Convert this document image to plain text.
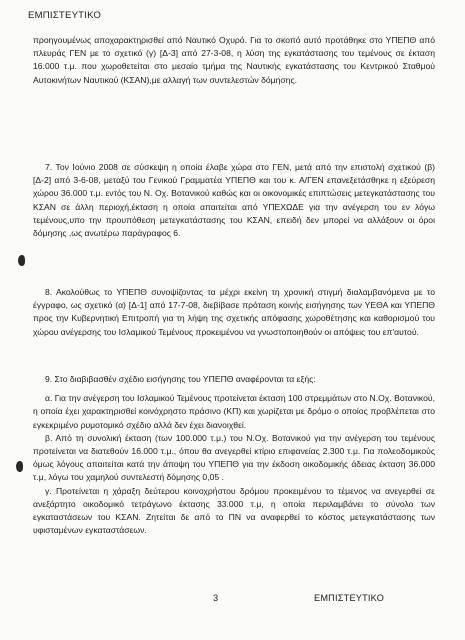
ΕΜΠΙΣΤΕΥΤΙΚΟ

προηγουμένως αποχαρακτηρισθεί από Ναυτικό Οχυρό. Για το σκοπό αυτό προτάθηκε στο ΥΠΕΠΘ από πλευράς ΓΕΝ με το σχετικό (γ) [Δ-3] από 27-3-08, η λύση της εγκατάστασης του τεμένους σε έκταση 16.000 τ.μ. που χωροθετείται στο μεσαίο τμήμα της Ναυτικής εγκατάστασης του Κεντρικού Σταθμού Αυτοκινήτων Ναυτικού (ΚΣΑΝ),με αλλαγή των συντελεστών δόμησης.

7. Τον Ιούνιο 2008 σε σύσκεψη η οποία έλαβε χώρα στο ΓΕΝ, μετά από την επιστολή σχετικού (β) [Δ-2] από 3-6-08, μεταξύ του Γενικού Γραμματέα ΥΠΕΠΘ και του κ. Α/ΓΕΝ επανεξετάσθηκε η εξεύρεση χώρου 36.000 τ.μ. εντός του Ν. Οχ. Βοτανικού καθώς και οι οικονομικές επιπτώσεις μετεγκατάστασης του ΚΣΑΝ σε άλλη περιοχή,έκταση η οποία απαιτείται από ΥΠΕΧΩΔΕ για την ανέγερση του εν λόγω τεμένους,υπο την προυπόθεση μετεγκατάστασης του ΚΣΑΝ, επειδή δεν μπορεί να αλλάξουν οι όροι δόμησης ,ως ανωτέρω παράγραφος 6.

8. Ακολούθως το ΥΠΕΠΘ συνοψίζοντας τα μέχρι εκείνη τη χρονική στιγμή διαλαμβανόμενα με το έγγραφο, ως σχετικό (α) [Δ-1] από 17-7-08, διεβίβασε πρόταση κοινής εισήγησης των ΥΕΘΑ και ΥΠΕΠΘ προς την Κυβερνητική Επιτροπή για τη λήψη της σχετικής απόφασης χωροθέτησης και καθορισμού του χώρου ανέγερσης του Ισλαμικού Τεμένους προκειμένου να γνωστοποιηθούν οι απόψεις του επ'αυτού.

9. Στο διαβιβασθέν σχέδιο εισήγησης του ΥΠΕΠΘ αναφέρονται τα εξής:

α. Για την ανέγερση του Ισλαμικού Τεμένους προτείνεται έκταση 100 στρεμμάτων στο Ν.Οχ. Βοτανικού, η οποία έχει χαρακτηρισθεί κοινόχρηστο πράσινο (ΚΠ) και χωρίζεται με δρόμο ο οποίος προβλέπεται στο εγκεκριμένο ρυμοτομικό σχέδιο αλλά δεν έχει διανοιχθεί.

β. Από τη συνολική έκταση (των 100.000 τ.μ.) του Ν.Οχ. Βοτανικού για την ανέγερση του τεμένους προτείνεται να διατεθούν 16.000 τ.μ., όπου θα ανεγερθεί κτίριο επιφανείας 2.300 τ.μ. Για πολεοδομικούς όμως λόγους απαιτείται κατά την άποψη του ΥΠΕΠΘ για την έκδοση οικοδομικής άδειας έκταση 36.000 τ.μ, λόγω του χαμηλού συντελεστή δόμησης 0,05 .

γ. Προτείνεται η χάραξη δεύτερου κοινοχρήστου δρόμου προκειμένου το τέμενος να ανεγερθεί σε ανεξάρτητο οικοδομικό τετράγωνο έκτασης 33.000 τ.μ, η οποία περιλαμβάνει το σύνολο των εγκαταστάσεων του ΚΣΑΝ. Ζητείται δε από το ΠΝ να αναφερθεί το κόστος μετεγκατάστασης των υφισταμένων εγκαταστάσεων.

3	ΕΜΠΙΣΤΕΥΤΙΚΟ
